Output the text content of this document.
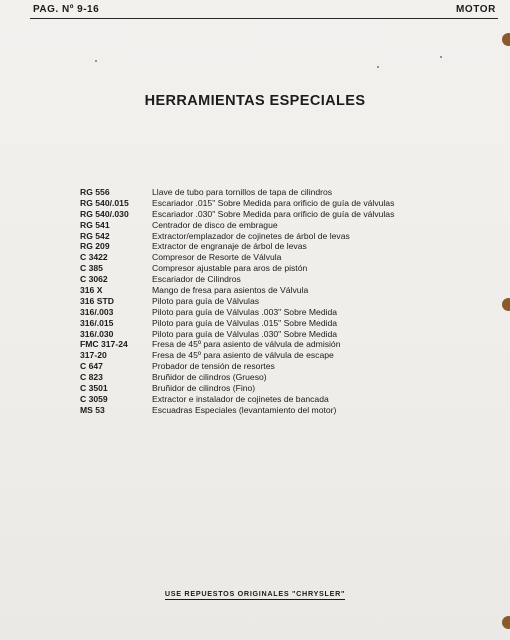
PAG. Nº 9-16	MOTOR
HERRAMIENTAS ESPECIALES
RG 556	Llave de tubo para tornillos de tapa de cilindros
RG 540/.015	Escariador .015" Sobre Medida para orificio de guía de válvulas
RG 540/.030	Escariador .030" Sobre Medida para orificio de guía de válvulas
RG 541	Centrador de disco de embrague
RG 542	Extractor/emplazador de cojinetes de árbol de levas
RG 209	Extractor de engranaje de árbol de levas
C 3422	Compresor de Resorte de Válvula
C 385	Compresor ajustable para aros de pistón
C 3062	Escariador de Cilindros
316 X	Mango de fresa para asientos de Válvula
316 STD	Piloto para guía de Válvulas
316/.003	Piloto para guía de Válvulas .003" Sobre Medida
316/.015	Piloto para guía de Válvulas .015" Sobre Medida
316/.030	Piloto para guía de Válvulas .030" Sobre Medida
FMC 317-24	Fresa de 45º para asiento de válvula de admisión
317-20	Fresa de 45º para asiento de válvula de escape
C 647	Probador de tensión de resortes
C 823	Bruñidor de cilindros (Grueso)
C 3501	Bruñidor de cilindros (Fino)
C 3059	Extractor e instalador de cojinetes de bancada
MS 53	Escuadras Especiales (levantamiento del motor)
USE REPUESTOS ORIGINALES "CHRYSLER"
